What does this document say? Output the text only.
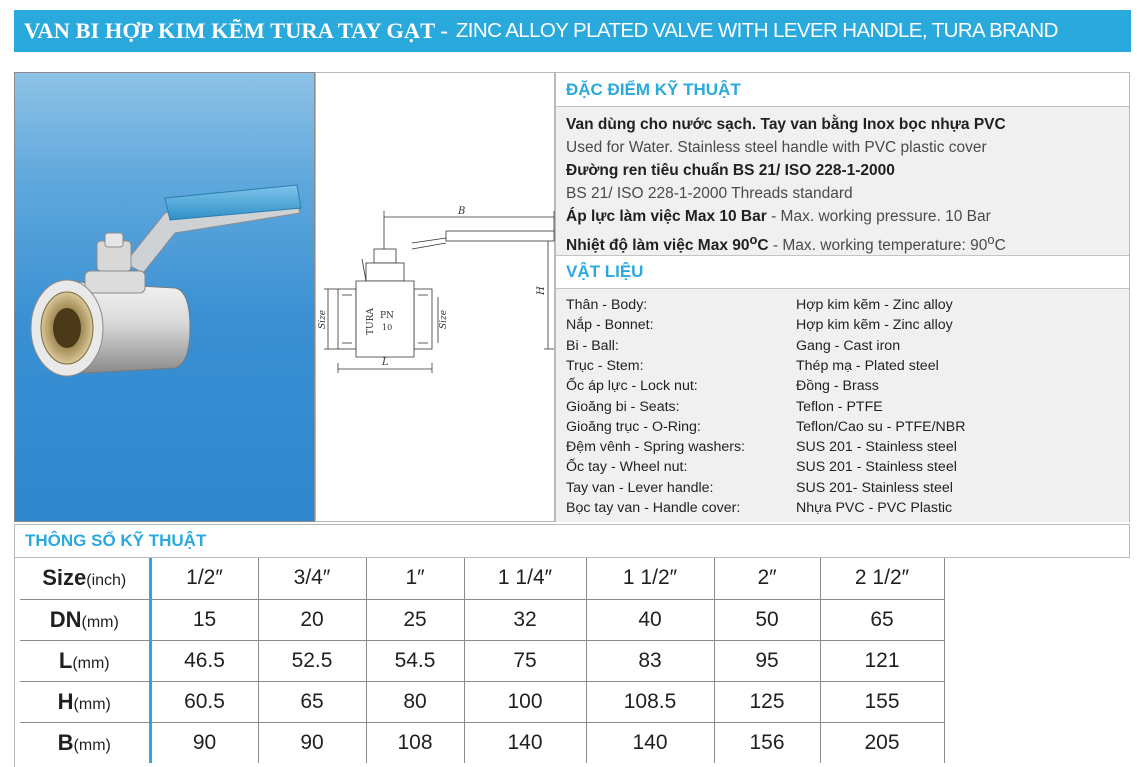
VAN BI HỢP KIM KẼM TURA TAY GẠT - ZINC ALLOY PLATED VALVE WITH LEVER HANDLE, TURA BRAND
B
H
L
Size	Size
TURA PN
10
ĐẶC ĐIỂM KỸ THUẬT
Van dùng cho nước sạch. Tay van bằng Inox bọc nhựa PVC
Used for Water. Stainless steel handle with PVC plastic cover
Đường ren tiêu chuẩn BS 21/ ISO 228-1-2000
BS 21/ ISO 228-1-2000 Threads standard
Áp lực làm việc Max 10 Bar - Max. working pressure. 10 Bar
Nhiệt độ làm việc Max 90$^o$C - Max. working temperature: 90$^o$C
VẬT LIỆU
Thân - Body:	Hợp kim kẽm - Zinc alloy
Nắp - Bonnet:	Hợp kim kẽm - Zinc alloy
Bi - Ball:	Gang - Cast iron
Trục - Stem:	Thép mạ - Plated steel
Ốc áp lực - Lock nut:	Đồng - Brass
Gioăng bi - Seats:	Teflon - PTFE
Gioăng trục - O-Ring:	Teflon/Cao su - PTFE/NBR
Đệm vênh - Spring washers:	SUS 201 - Stainless steel
Ốc tay - Wheel nut:	SUS 201 - Stainless steel
Tay van - Lever handle:	SUS 201- Stainless steel
Bọc tay van - Handle cover:	Nhựa PVC - PVC Plastic
THÔNG SỐ KỸ THUẬT
Size(inch)	1/2″	3/4″	1″	1 1/4″	1 1/2″	2″	2 1/2″
DN(mm)	15	20	25	32	40	50	65
L(mm)	46.5	52.5	54.5	75	83	95	121
H(mm)	60.5	65	80	100	108.5	125	155
B(mm)	90	90	108	140	140	156	205
